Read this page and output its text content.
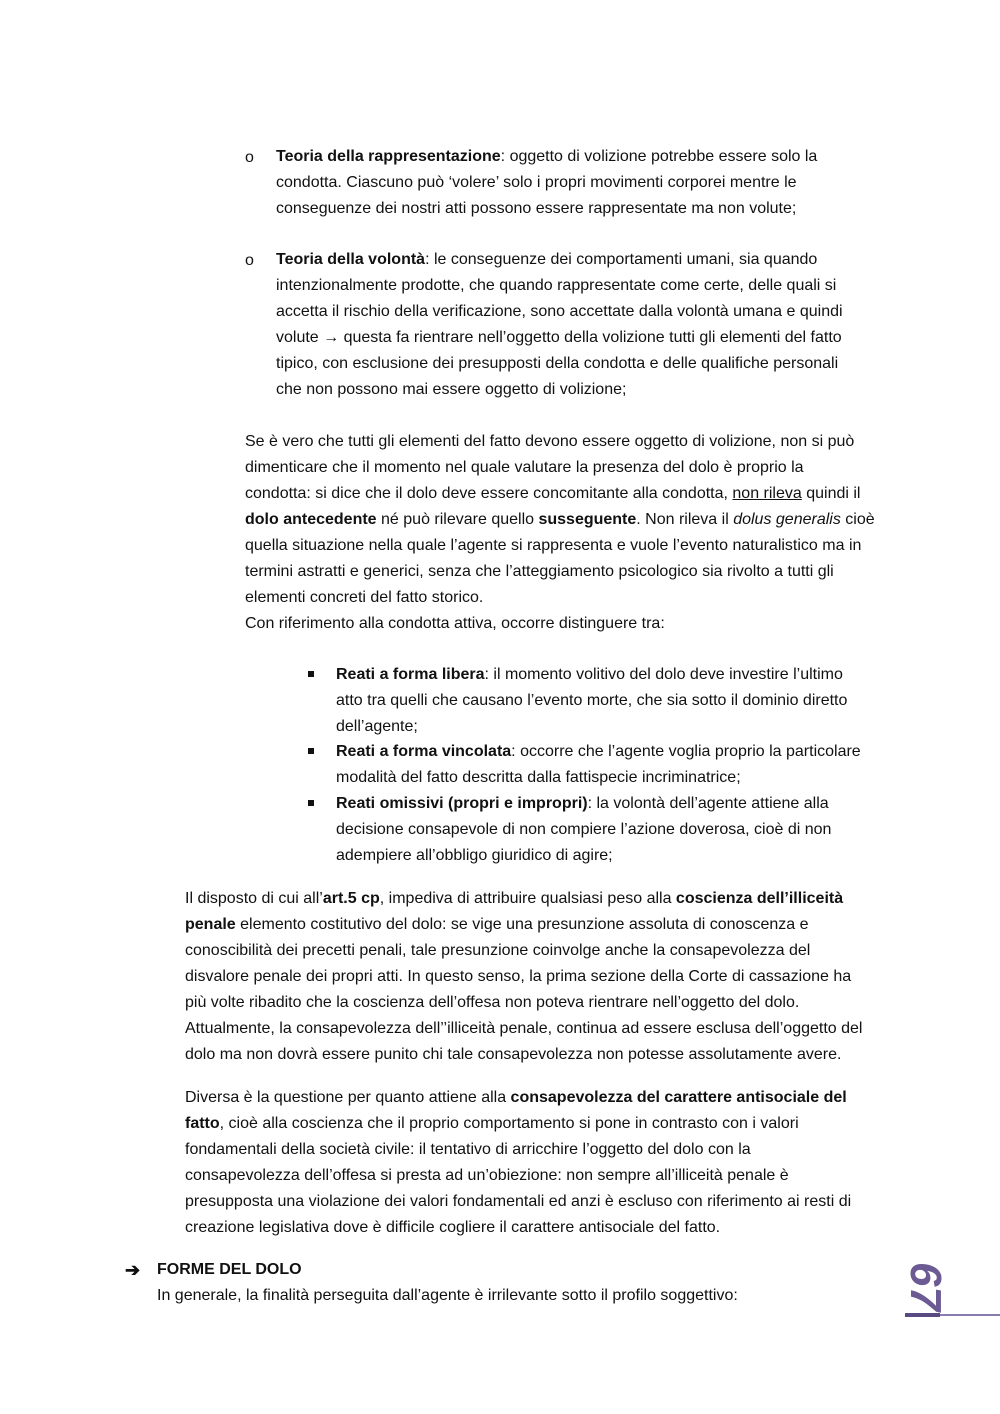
o Teoria della rappresentazione: oggetto di volizione potrebbe essere solo la
condotta. Ciascuno può ‘volere’ solo i propri movimenti corporei mentre le
conseguenze dei nostri atti possono essere rappresentate ma non volute;
o Teoria della volontà: le conseguenze dei comportamenti umani, sia quando
intenzionalmente prodotte, che quando rappresentate come certe, delle quali si
accetta il rischio della verificazione, sono accettate dalla volontà umana e quindi
volute → questa fa rientrare nell’oggetto della volizione tutti gli elementi del fatto
tipico, con esclusione dei presupposti della condotta e delle qualifiche personali
che non possono mai essere oggetto di volizione;
Se è vero che tutti gli elementi del fatto devono essere oggetto di volizione, non si può
dimenticare che il momento nel quale valutare la presenza del dolo è proprio la
condotta: si dice che il dolo deve essere concomitante alla condotta, non rileva quindi il
dolo antecedente né può rilevare quello susseguente. Non rileva il dolus generalis cioè
quella situazione nella quale l’agente si rappresenta e vuole l’evento naturalistico ma in
termini astratti e generici, senza che l’atteggiamento psicologico sia rivolto a tutti gli
elementi concreti del fatto storico.
Con riferimento alla condotta attiva, occorre distinguere tra:
Reati a forma libera: il momento volitivo del dolo deve investire l’ultimo
atto tra quelli che causano l’evento morte, che sia sotto il dominio diretto
dell’agente;
Reati a forma vincolata: occorre che l’agente voglia proprio la particolare
modalità del fatto descritta dalla fattispecie incriminatrice;
Reati omissivi (propri e impropri): la volontà dell’agente attiene alla
decisione consapevole di non compiere l’azione doverosa, cioè di non
adempiere all’obbligo giuridico di agire;
Il disposto di cui all’art.5 cp, impediva di attribuire qualsiasi peso alla coscienza dell’illiceità
penale elemento costitutivo del dolo: se vige una presunzione assoluta di conoscenza e
conoscibilità dei precetti penali, tale presunzione coinvolge anche la consapevolezza del
disvalore penale dei propri atti. In questo senso, la prima sezione della Corte di cassazione ha
più volte ribadito che la coscienza dell’offesa non poteva rientrare nell’oggetto del dolo.
Attualmente, la consapevolezza dell’’illiceità penale, continua ad essere esclusa dell’oggetto del
dolo ma non dovrà essere punito chi tale consapevolezza non potesse assolutamente avere.
Diversa è la questione per quanto attiene alla consapevolezza del carattere antisociale del
fatto, cioè alla coscienza che il proprio comportamento si pone in contrasto con i valori
fondamentali della società civile: il tentativo di arricchire l’oggetto del dolo con la
consapevolezza dell’offesa si presta ad un’obiezione: non sempre all’illiceità penale è
presupposta una violazione dei valori fondamentali ed anzi è escluso con riferimento ai resti di
creazione legislativa dove è difficile cogliere il carattere antisociale del fatto.
➔ FORME DEL DOLO
In generale, la finalità perseguita dall’agente è irrilevante sotto il profilo soggettivo:	67
